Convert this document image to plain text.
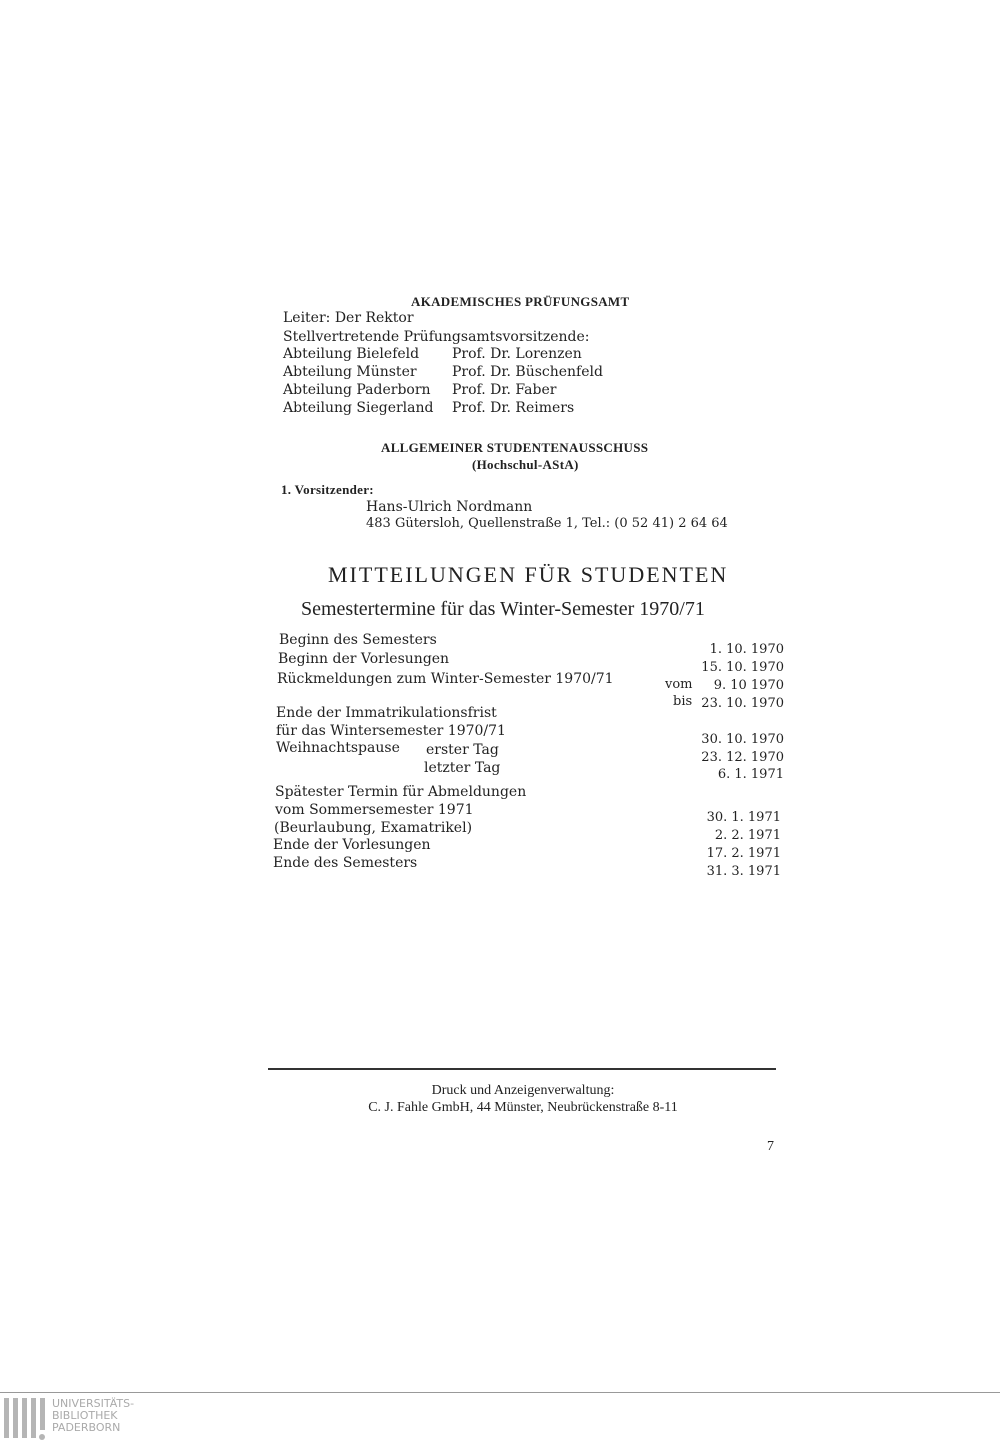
AKADEMISCHES PRÜFUNGSAMT
Leiter: Der Rektor
Stellvertretende Prüfungsamtsvorsitzende:
Abteilung Bielefeld Prof. Dr. Lorenzen
Abteilung Münster	Prof. Dr. Büschenfeld
Abteilung Paderborn Prof. Dr. Faber
Abteilung Siegerland Prof. Dr. Reimers
ALLGEMEINER STUDENTENAUSSCHUSS
(Hochschul-AStA)
1. Vorsitzender:
Hans-Ulrich Nordmann
483 Gütersloh, Quellenstraße 1, Tel.: (0 52 41) 2 64 64
MITTEILUNGEN FÜR STUDENTEN
Semestertermine für das Winter-Semester 1970/71
Beginn des Semesters
Beginn der Vorlesungen
Rückmeldungen zum Winter-Semester 1970/71
Ende der Immatrikulationsfrist
für das Wintersemester 1970/71
Weihnachtspause erster Tag
letzter Tag
Spätester Termin für Abmeldungen
vom Sommersemester 1971
(Beurlaubung, Examatrikel)
Ende der Vorlesungen
Ende des Semesters
vom
bis
1. 10. 1970
15. 10. 1970
9. 10 1970
23. 10. 1970
30. 10. 1970
23. 12. 1970
6. 1. 1971
30. 1. 1971
2. 2. 1971
17. 2. 1971
31. 3. 1971
Druck und Anzeigenverwaltung:
C. J. Fahle GmbH, 44 Münster, Neubrückenstraße 8-11
7
UNIVERSITÄTS-
BIBLIOTHEK
PADERBORN
